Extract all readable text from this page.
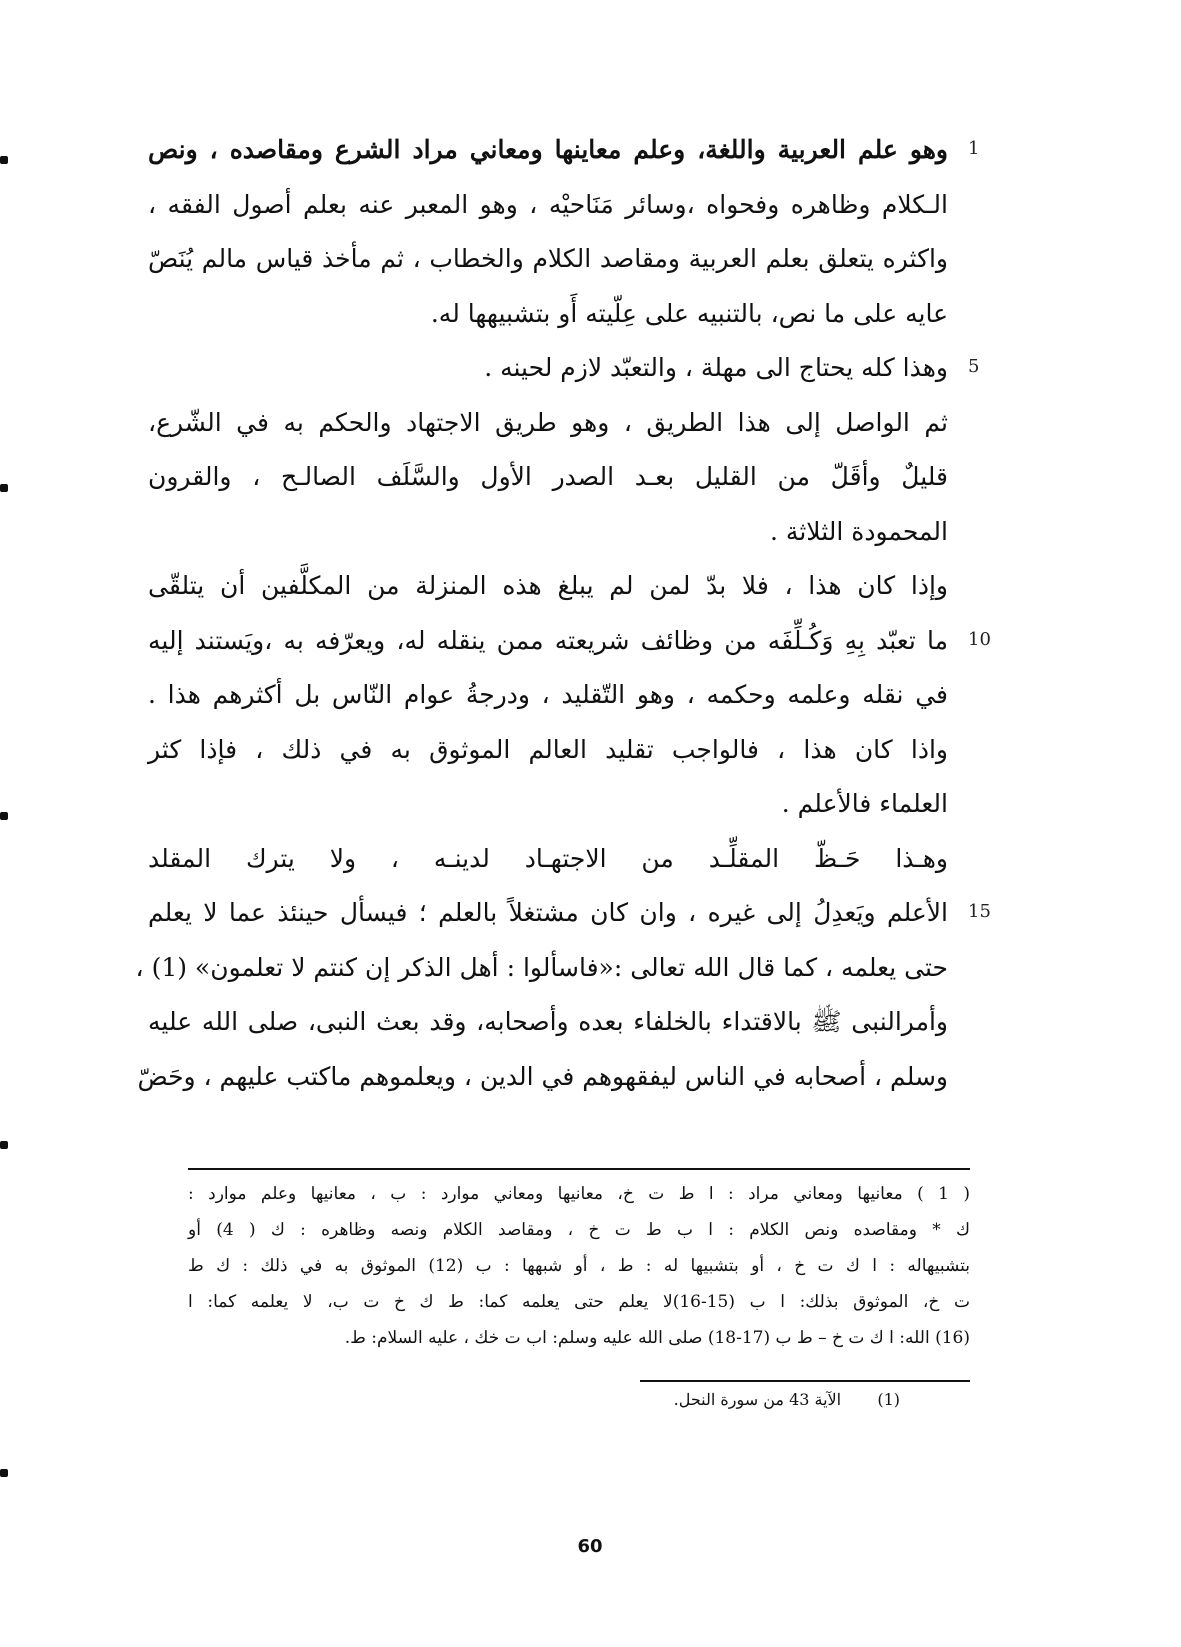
وهو علم العربية واللغة، وعلم معاينها ومعاني مراد الشرع ومقاصده ، ونص 1
الـكلام وظاهره وفحواه ،وسائر مَنَاحيْه ، وهو المعبر عنه بعلم أصول الفقه ،
واكثره يتعلق بعلم العربية ومقاصد الكلام والخطاب ، ثم مأخذ قياس مالم يُنَصّ
عايه على ما نص، بالتنبيه على عِلّيته أَو بتشبيهها له.
وهذا كله يحتاج الى مهلة ، والتعبّد لازم لحينه . 5
ثم الواصل إلى هذا الطريق ، وهو طريق الاجتهاد والحكم به في الشّرع،
قليلٌ وأقَلّ من القليل بعـد الصدر الأول والسَّلَف الصالـح ، والقرون
المحمودة الثلاثة .
وإذا كان هذا ، فلا بدّ لمن لم يبلغ هذه المنزلة من المكلَّفين أن يتلقّى
ما تعبّد بِهِ وَكُـلِّفَه من وظائف شريعته ممن ينقله له، ويعرّفه به ،ويَستند إليه 10
في نقله وعلمه وحكمه ، وهو التّقليد ، ودرجةُ عوام النّاس بل أكثرهم هذا .
واذا كان هذا ، فالواجب تقليد العالم الموثوق به في ذلك ، فإذا كثر
العلماء فالأعلم .
وهـذا حَـظّ المقلِّـد من الاجتهـاد لدينـه ، ولا يترك المقلد
الأعلم ويَعدِلُ إلى غيره ، وان كان مشتغلاً بالعلم ؛ فيسأل حينئذ عما لا يعلم 15
حتى يعلمه ، كما قال الله تعالى :«فاسألوا : أهل الذكر إن كنتم لا تعلمون» (1) ،
وأمرالنبى ﷺ بالاقتداء بالخلفاء بعده وأصحابه، وقد بعث النبى، صلى الله عليه
وسلم ، أصحابه في الناس ليفقهوهم في الدين ، ويعلموهم ماكتب عليهم ، وحَضّ
( 1 ) معانيها ومعاني مراد : ا ط ت خ، معانيها ومعاني موارد : ب ، معانيها وعلم موارد :
ك * ومقاصده ونص الكلام : ا ب ط ت خ ، ومقاصد الكلام ونصه وظاهره : ك ( 4) أو
بتشبيهاله : ا ك ت خ ، أو بتشبيها له : ط ، أو شبهها : ب (12) الموثوق به في ذلك : ك ط
ت خ، الموثوق بذلك: ا ب (15-16)لا يعلم حتى يعلمه كما: ط ك خ ت ب، لا يعلمه كما: ا
(16) الله: ا ك ت خ – ط ب (17-18) صلى الله عليه وسلم: اب ت خك ، عليه السلام: ط.
(1)  الآية 43 من سورة النحل.
60
